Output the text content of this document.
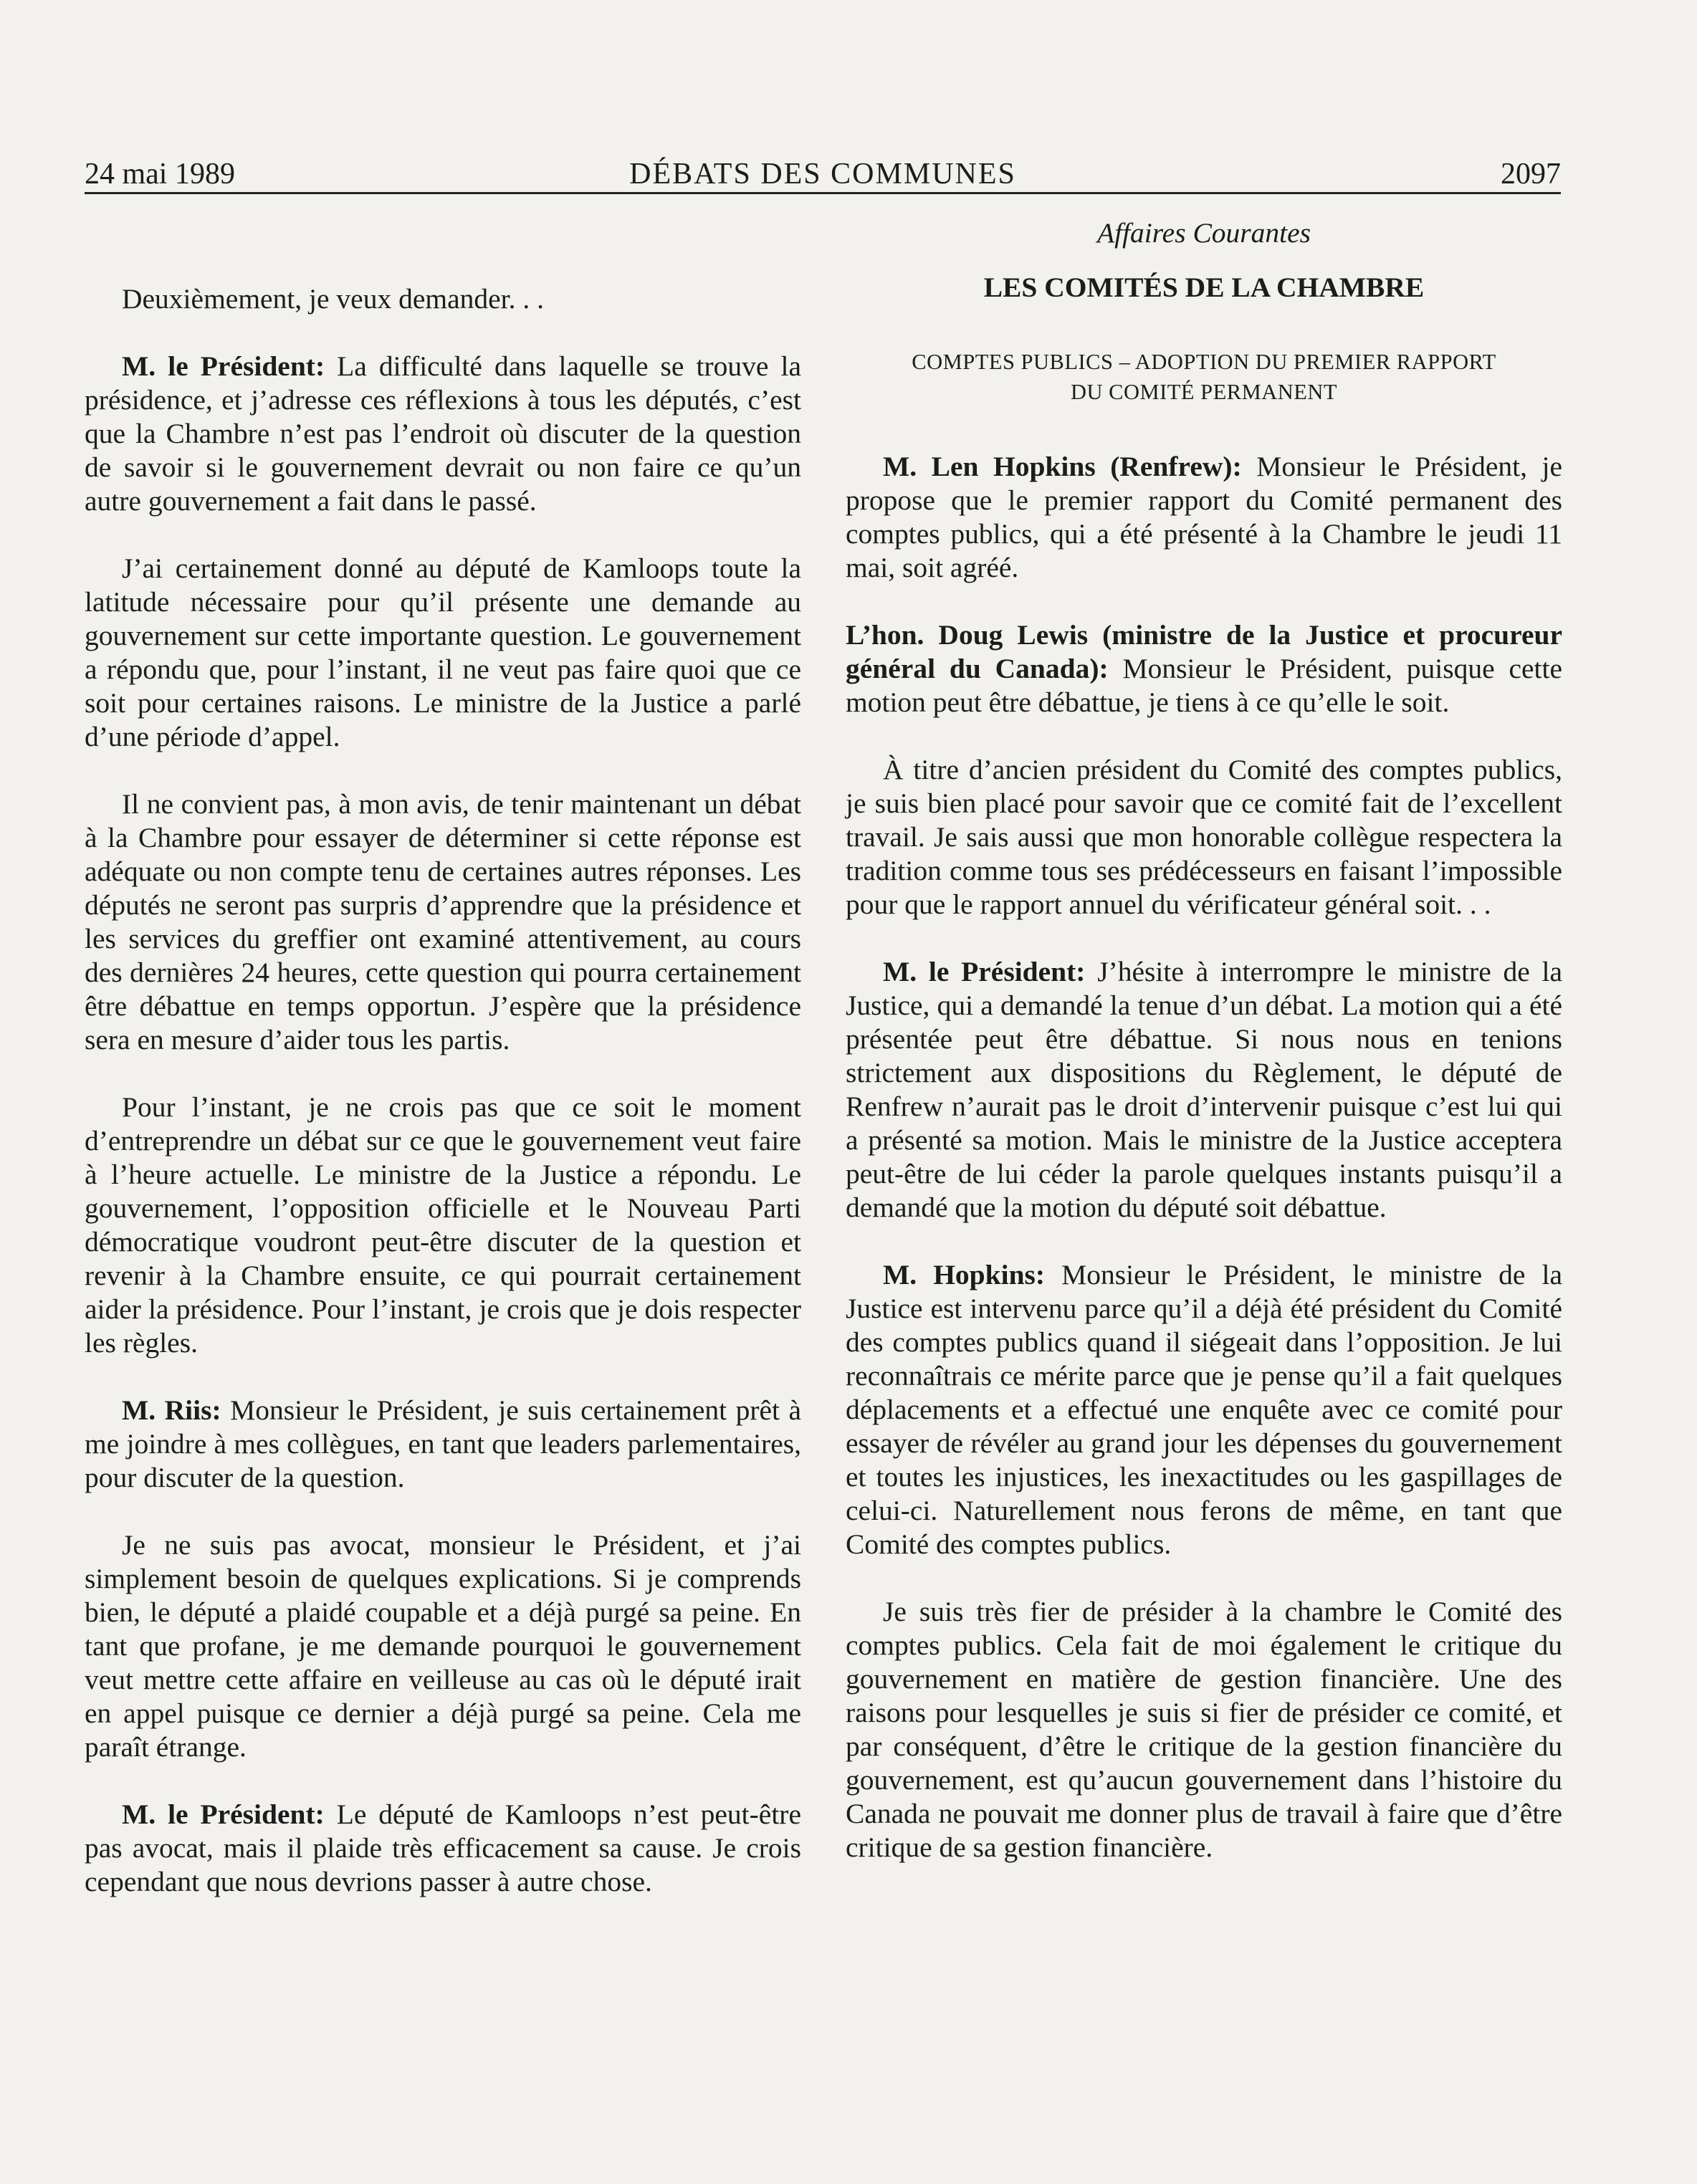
24 mai 1989	DÉBATS DES COMMUNES	2097

Deuxièmement, je veux demander. . .

M. le Président: La difficulté dans laquelle se trouve la présidence, et j’adresse ces réflexions à tous les députés, c’est que la Chambre n’est pas l’endroit où discuter de la question de savoir si le gouvernement devrait ou non faire ce qu’un autre gouvernement a fait dans le passé.

J’ai certainement donné au député de Kamloops toute la latitude nécessaire pour qu’il présente une demande au gouvernement sur cette importante question. Le gouvernement a répondu que, pour l’instant, il ne veut pas faire quoi que ce soit pour certaines raisons. Le ministre de la Justice a parlé d’une période d’appel.

Il ne convient pas, à mon avis, de tenir maintenant un débat à la Chambre pour essayer de déterminer si cette réponse est adéquate ou non compte tenu de certaines autres réponses. Les députés ne seront pas surpris d’apprendre que la présidence et les services du greffier ont examiné attentivement, au cours des dernières 24 heures, cette question qui pourra certainement être débattue en temps opportun. J’espère que la présidence sera en mesure d’aider tous les partis.

Pour l’instant, je ne crois pas que ce soit le moment d’entreprendre un débat sur ce que le gouvernement veut faire à l’heure actuelle. Le ministre de la Justice a répondu. Le gouvernement, l’opposition officielle et le Nouveau Parti démocratique voudront peut-être discuter de la question et revenir à la Chambre ensuite, ce qui pourrait certainement aider la présidence. Pour l’instant, je crois que je dois respecter les règles.

M. Riis: Monsieur le Président, je suis certainement prêt à me joindre à mes collègues, en tant que leaders parlementaires, pour discuter de la question.

Je ne suis pas avocat, monsieur le Président, et j’ai simplement besoin de quelques explications. Si je comprends bien, le député a plaidé coupable et a déjà purgé sa peine. En tant que profane, je me demande pourquoi le gouvernement veut mettre cette affaire en veilleuse au cas où le député irait en appel puisque ce dernier a déjà purgé sa peine. Cela me paraît étrange.

M. le Président: Le député de Kamloops n’est peut-être pas avocat, mais il plaide très efficacement sa cause. Je crois cependant que nous devrions passer à autre chose.

Affaires Courantes
LES COMITÉS DE LA CHAMBRE
COMPTES PUBLICS – ADOPTION DU PREMIER RAPPORT
DU COMITÉ PERMANENT

M. Len Hopkins (Renfrew): Monsieur le Président, je propose que le premier rapport du Comité permanent des comptes publics, qui a été présenté à la Chambre le jeudi 11 mai, soit agréé.

L’hon. Doug Lewis (ministre de la Justice et procureur général du Canada): Monsieur le Président, puisque cette motion peut être débattue, je tiens à ce qu’elle le soit.

À titre d’ancien président du Comité des comptes publics, je suis bien placé pour savoir que ce comité fait de l’excellent travail. Je sais aussi que mon honorable collègue respectera la tradition comme tous ses prédécesseurs en faisant l’impossible pour que le rapport annuel du vérificateur général soit. . .

M. le Président: J’hésite à interrompre le ministre de la Justice, qui a demandé la tenue d’un débat. La motion qui a été présentée peut être débattue. Si nous nous en tenions strictement aux dispositions du Règlement, le député de Renfrew n’aurait pas le droit d’intervenir puisque c’est lui qui a présenté sa motion. Mais le ministre de la Justice acceptera peut-être de lui céder la parole quelques instants puisqu’il a demandé que la motion du député soit débattue.

M. Hopkins: Monsieur le Président, le ministre de la Justice est intervenu parce qu’il a déjà été président du Comité des comptes publics quand il siégeait dans l’opposition. Je lui reconnaîtrais ce mérite parce que je pense qu’il a fait quelques déplacements et a effectué une enquête avec ce comité pour essayer de révéler au grand jour les dépenses du gouvernement et toutes les injustices, les inexactitudes ou les gaspillages de celui-ci. Naturellement nous ferons de même, en tant que Comité des comptes publics.

Je suis très fier de présider à la chambre le Comité des comptes publics. Cela fait de moi également le critique du gouvernement en matière de gestion financière. Une des raisons pour lesquelles je suis si fier de présider ce comité, et par conséquent, d’être le critique de la gestion financière du gouvernement, est qu’aucun gouvernement dans l’histoire du Canada ne pouvait me donner plus de travail à faire que d’être critique de sa gestion financière.
